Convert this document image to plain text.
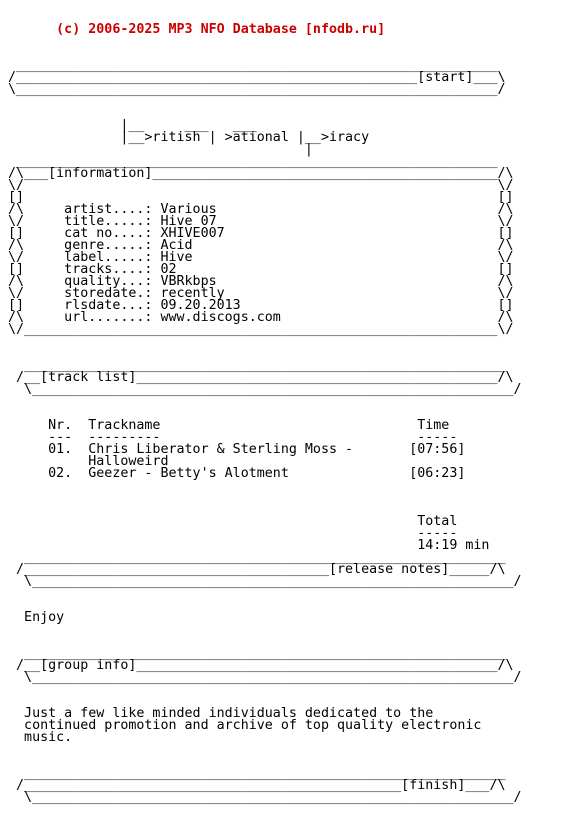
(c) 2006-2025 MP3 NFO Database [nfodb.ru]

____________________________________________________________
/__________________________________________________[start]___\
\____________________________________________________________/
|__     ___   ___
|__>ritish | >ational |__>iracy
|
____________________________________________________________
/\___[information]___________________________________________/\
\/                                                           \/
[]                                                           []
/\     artist....: Various                                   /\
\/     title.....: Hive 07                                   \/
[]     cat no....: XHIVE007                                  []
/\     genre.....: Acid                                      /\
\/     label.....: Hive                                      \/
[]     tracks....: 02                                        []
/\     quality...: VBRkbps                                   /\
\/     storedate.: recently                                  \/
[]     rlsdate...: 09.20.2013                                []
/\     url.......: www.discogs.com                           /\
\/___________________________________________________________\/
____________________________________________________________
/__[track list]_____________________________________________/\
\____________________________________________________________/
Nr.  Trackname                                Time
---  ---------                                -----
01.  Chris Liberator & Sterling Moss -       [07:56]
Halloweird
02.  Geezer - Betty's Alotment               [06:23]
Total
-----
14:19 min
____________________________________________________________
/______________________________________[release notes]_____/\
\____________________________________________________________/
Enjoy
____________________________________________________________
/__[group info]_____________________________________________/\
\____________________________________________________________/
Just a few like minded individuals dedicated to the
continued promotion and archive of top quality electronic
music.
____________________________________________________________
/_______________________________________________[finish]___/\
\____________________________________________________________/
